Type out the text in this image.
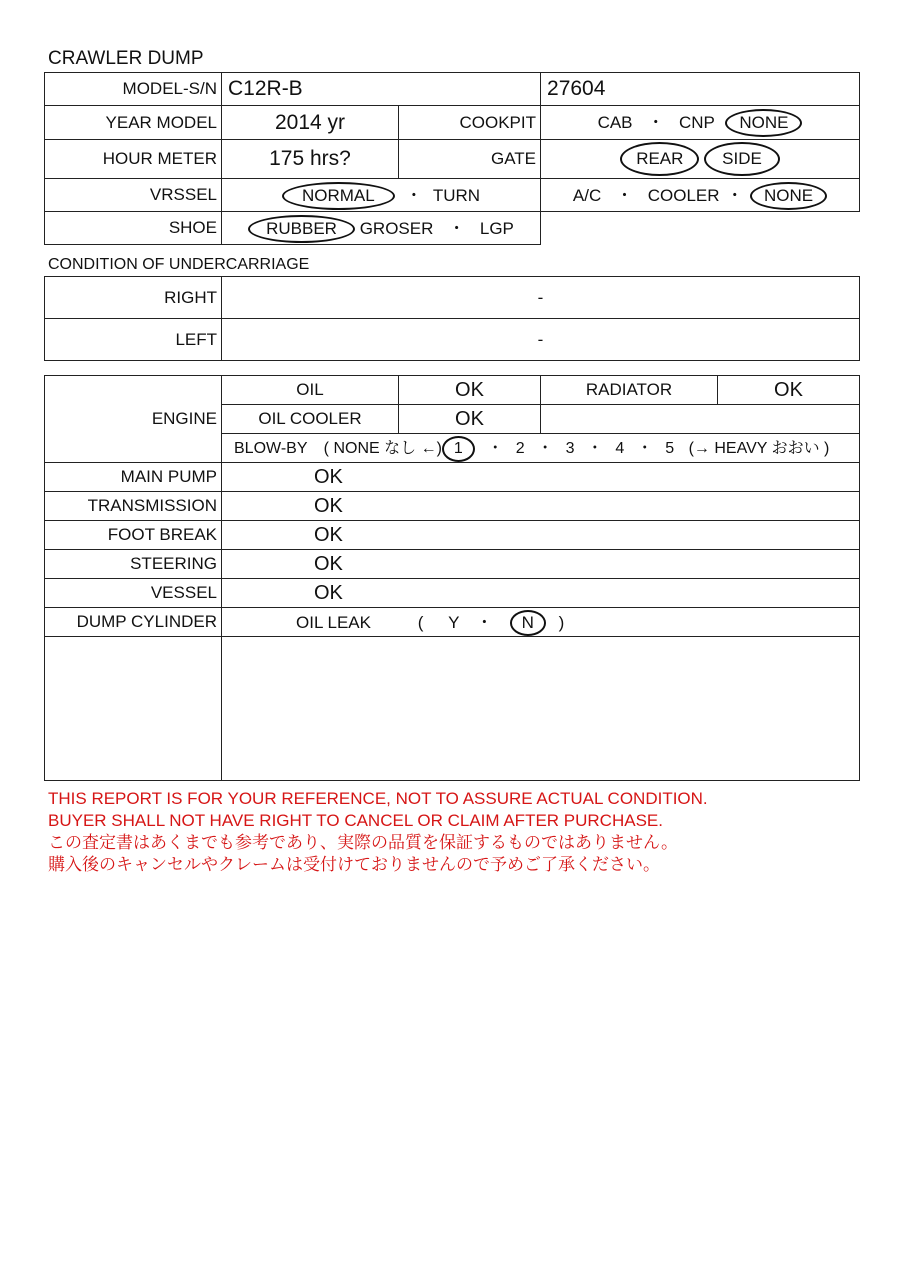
CRAWLER DUMP
MODEL-S/N	C12R-B		27604
YEAR MODEL	2014 yr	COOKPIT	CAB ・ CNP NONE
HOUR METER	175 hrs?	GATE	REAR SIDE
VRSSEL	NORMAL ・ TURN		A/C ・ COOLER ・ NONE
SHOE	RUBBER GROSER ・ LGP		
CONDITION OF UNDERCARRIAGE
RIGHT	-
LEFT	-
ENGINE	OIL	OK	RADIATOR	OK
	OIL COOLER	OK		
	BLOW-BY ( NONE なし ←) 1 ・ 2 ・ 3 ・ 4 ・ 5 (→ HEAVY おおい )			
MAIN PUMP	OK			
TRANSMISSION	OK			
FOOT BREAK	OK			
STEERING	OK			
VESSEL	OK			
DUMP CYLINDER	OIL LEAK ( Y ・ N )			

THIS REPORT IS FOR YOUR REFERENCE, NOT TO ASSURE ACTUAL CONDITION.
BUYER SHALL NOT HAVE RIGHT TO CANCEL OR CLAIM AFTER PURCHASE.
この査定書はあくまでも参考であり、実際の品質を保証するものではありません。
購入後のキャンセルやクレームは受付けておりませんので予めご了承ください。
